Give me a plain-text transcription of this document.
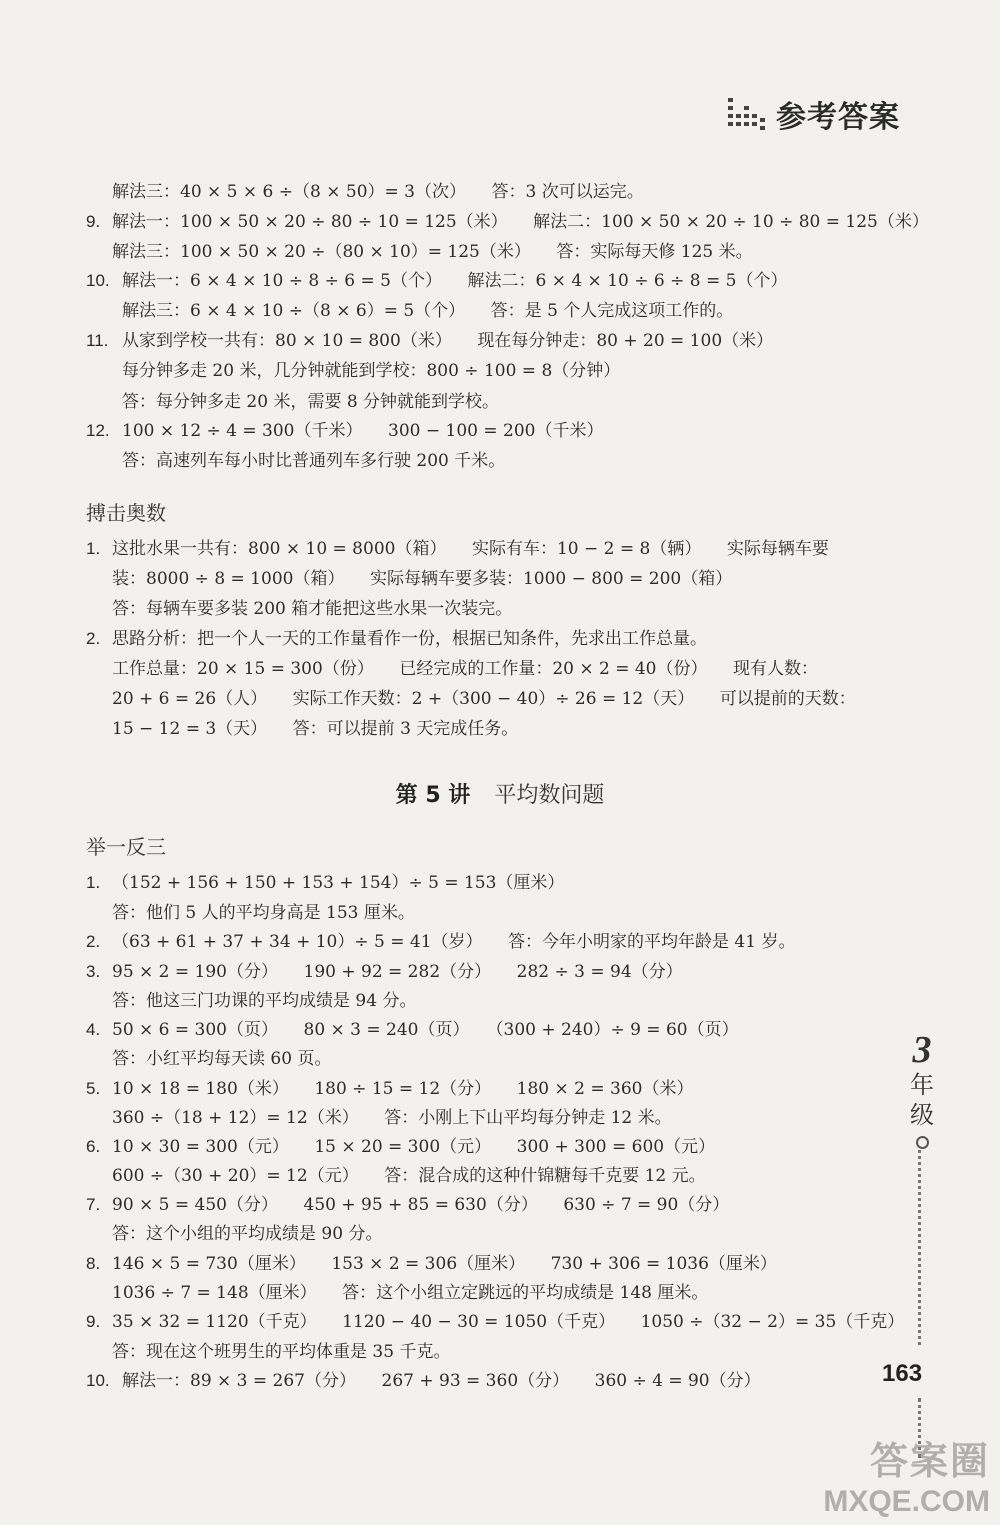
参考答案
解法三：40 × 5 × 6 ÷（8 × 50）= 3（次）　　答：3 次可以运完。
9. 解法一：100 × 50 × 20 ÷ 80 ÷ 10 = 125（米）　　解法二：100 × 50 × 20 ÷ 10 ÷ 80 = 125（米）
解法三：100 × 50 × 20 ÷（80 × 10）= 125（米）　　答：实际每天修 125 米。
10. 解法一：6 × 4 × 10 ÷ 8 ÷ 6 = 5（个）　　解法二：6 × 4 × 10 ÷ 6 ÷ 8 = 5（个）
解法三：6 × 4 × 10 ÷（8 × 6）= 5（个）　　答：是 5 个人完成这项工作的。
11. 从家到学校一共有：80 × 10 = 800（米）　　现在每分钟走：80 + 20 = 100（米）
每分钟多走 20 米，几分钟就能到学校：800 ÷ 100 = 8（分钟）
答：每分钟多走 20 米，需要 8 分钟就能到学校。
12. 100 × 12 ÷ 4 = 300（千米）　　300 − 100 = 200（千米）
答：高速列车每小时比普通列车多行驶 200 千米。
搏击奥数
1. 这批水果一共有：800 × 10 = 8000（箱）　　实际有车：10 − 2 = 8（辆）　　实际每辆车要
装：8000 ÷ 8 = 1000（箱）　　实际每辆车要多装：1000 − 800 = 200（箱）
答：每辆车要多装 200 箱才能把这些水果一次装完。
2. 思路分析：把一个人一天的工作量看作一份，根据已知条件，先求出工作总量。
工作总量：20 × 15 = 300（份）　　已经完成的工作量：20 × 2 = 40（份）　　现有人数：
20 + 6 = 26（人）　　实际工作天数：2 +（300 − 40）÷ 26 = 12（天）　　可以提前的天数：
15 − 12 = 3（天）　　答：可以提前 3 天完成任务。
第 5 讲 平均数问题
举一反三
1. （152 + 156 + 150 + 153 + 154）÷ 5 = 153（厘米）
答：他们 5 人的平均身高是 153 厘米。
2. （63 + 61 + 37 + 34 + 10）÷ 5 = 41（岁）　　答：今年小明家的平均年龄是 41 岁。
3. 95 × 2 = 190（分）　　190 + 92 = 282（分）　　282 ÷ 3 = 94（分）
答：他这三门功课的平均成绩是 94 分。
4. 50 × 6 = 300（页）　　80 × 3 = 240（页）　　（300 + 240）÷ 9 = 60（页）
答：小红平均每天读 60 页。
5. 10 × 18 = 180（米）　　180 ÷ 15 = 12（分）　　180 × 2 = 360（米）
360 ÷（18 + 12）= 12（米）　　答：小刚上下山平均每分钟走 12 米。
6. 10 × 30 = 300（元）　　15 × 20 = 300（元）　　300 + 300 = 600（元）
600 ÷（30 + 20）= 12（元）　　答：混合成的这种什锦糖每千克要 12 元。
7. 90 × 5 = 450（分）　　450 + 95 + 85 = 630（分）　　630 ÷ 7 = 90（分）
答：这个小组的平均成绩是 90 分。
8. 146 × 5 = 730（厘米）　　153 × 2 = 306（厘米）　　730 + 306 = 1036（厘米）
1036 ÷ 7 = 148（厘米）　　答：这个小组立定跳远的平均成绩是 148 厘米。
9. 35 × 32 = 1120（千克）　　1120 − 40 − 30 = 1050（千克）　　1050 ÷（32 − 2）= 35（千克）
答：现在这个班男生的平均体重是 35 千克。
10. 解法一：89 × 3 = 267（分）　　267 + 93 = 360（分）　　360 ÷ 4 = 90（分）
3
年
级
163
答案圈
MXQE.COM
